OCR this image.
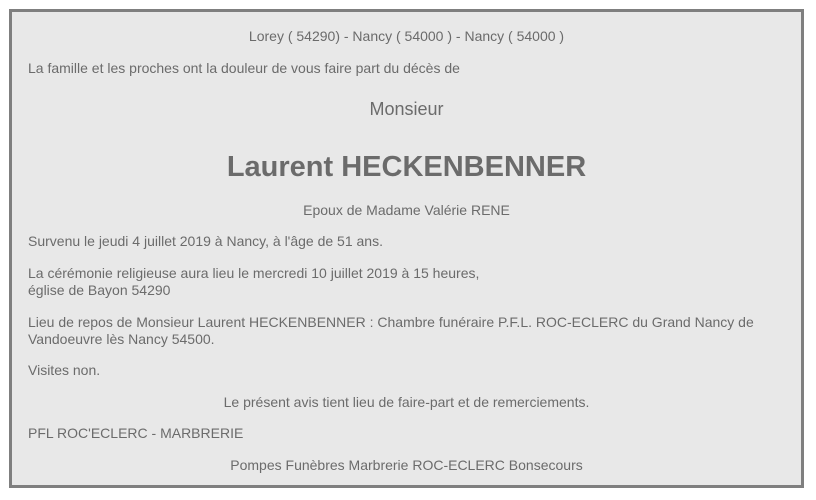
Lorey ( 54290) - Nancy ( 54000 ) - Nancy ( 54000 )
La famille et les proches ont la douleur de vous faire part du décès de
Monsieur
Laurent HECKENBENNER
Epoux de Madame Valérie RENE
Survenu le jeudi 4 juillet 2019 à Nancy, à l'âge de 51 ans.
La cérémonie religieuse aura lieu le mercredi 10 juillet 2019 à 15 heures,
église de Bayon 54290
Lieu de repos de Monsieur Laurent HECKENBENNER : Chambre funéraire P.F.L. ROC-ECLERC du Grand Nancy de
Vandoeuvre lès Nancy 54500.
Visites non.
Le présent avis tient lieu de faire-part et de remerciements.
PFL ROC'ECLERC - MARBRERIE
Pompes Funèbres Marbrerie ROC-ECLERC Bonsecours
